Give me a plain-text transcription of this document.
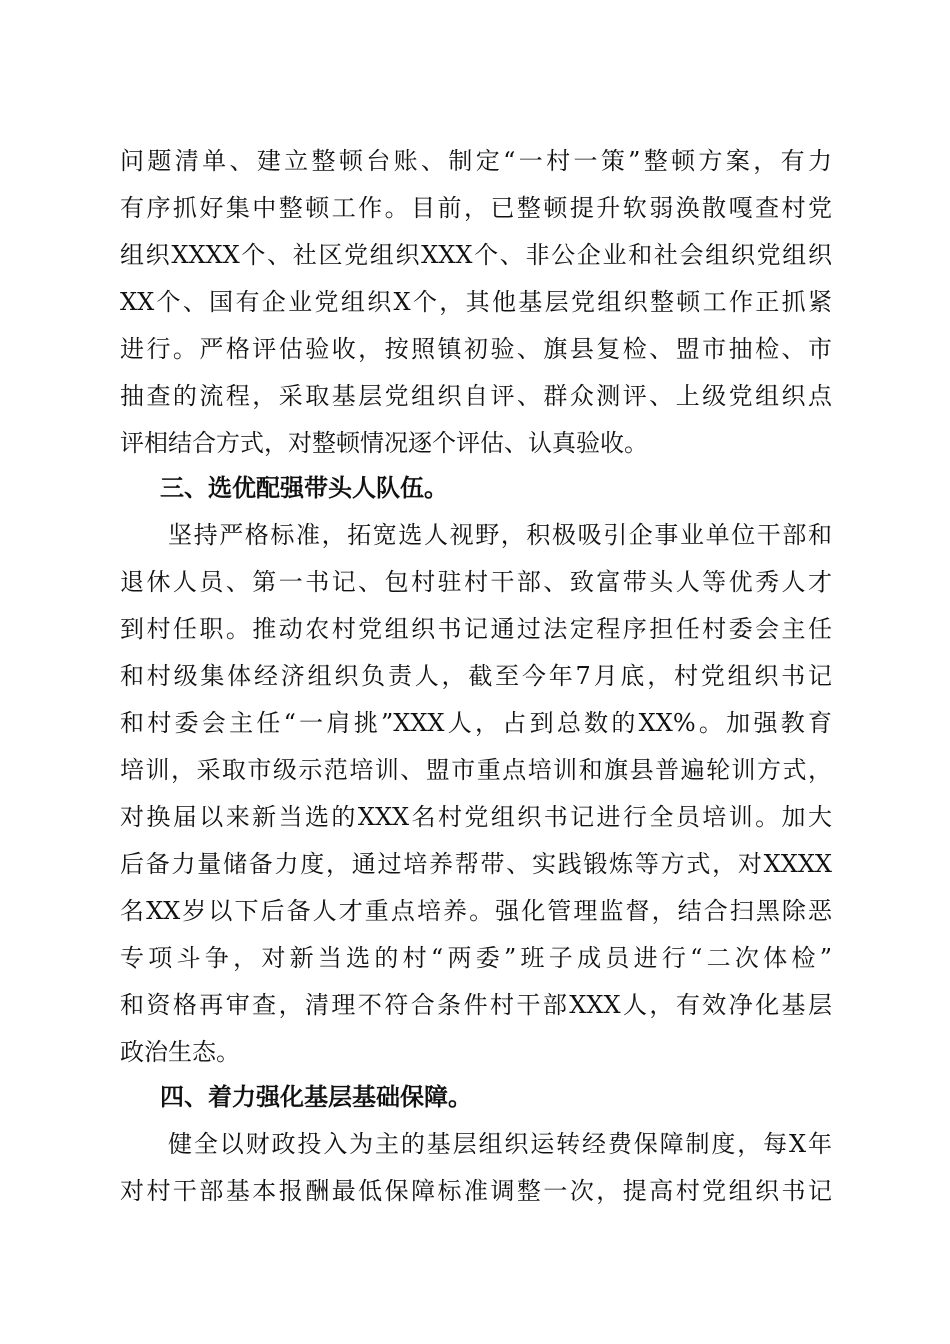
问题清单、建立整顿台账、制定“一村一策”整顿方案，有力
有序抓好集中整顿工作。目前，已整顿提升软弱涣散嘎查村党
组织XXXX个、社区党组织XXX个、非公企业和社会组织党组织
XX个、国有企业党组织X个，其他基层党组织整顿工作正抓紧
进行。严格评估验收，按照镇初验、旗县复检、盟市抽检、市
抽查的流程，采取基层党组织自评、群众测评、上级党组织点
评相结合方式，对整顿情况逐个评估、认真验收。
三、选优配强带头人队伍。
坚持严格标准，拓宽选人视野，积极吸引企事业单位干部和
退休人员、第一书记、包村驻村干部、致富带头人等优秀人才
到村任职。推动农村党组织书记通过法定程序担任村委会主任
和村级集体经济组织负责人，截至今年7月底，村党组织书记
和村委会主任“一肩挑”XXX人，占到总数的XX%。加强教育
培训，采取市级示范培训、盟市重点培训和旗县普遍轮训方式，
对换届以来新当选的XXX名村党组织书记进行全员培训。加大
后备力量储备力度，通过培养帮带、实践锻炼等方式，对XXXX
名XX岁以下后备人才重点培养。强化管理监督，结合扫黑除恶
专项斗争，对新当选的村“两委”班子成员进行“二次体检”
和资格再审查，清理不符合条件村干部XXX人，有效净化基层
政治生态。
四、着力强化基层基础保障。
健全以财政投入为主的基层组织运转经费保障制度，每X年
对村干部基本报酬最低保障标准调整一次，提高村党组织书记
